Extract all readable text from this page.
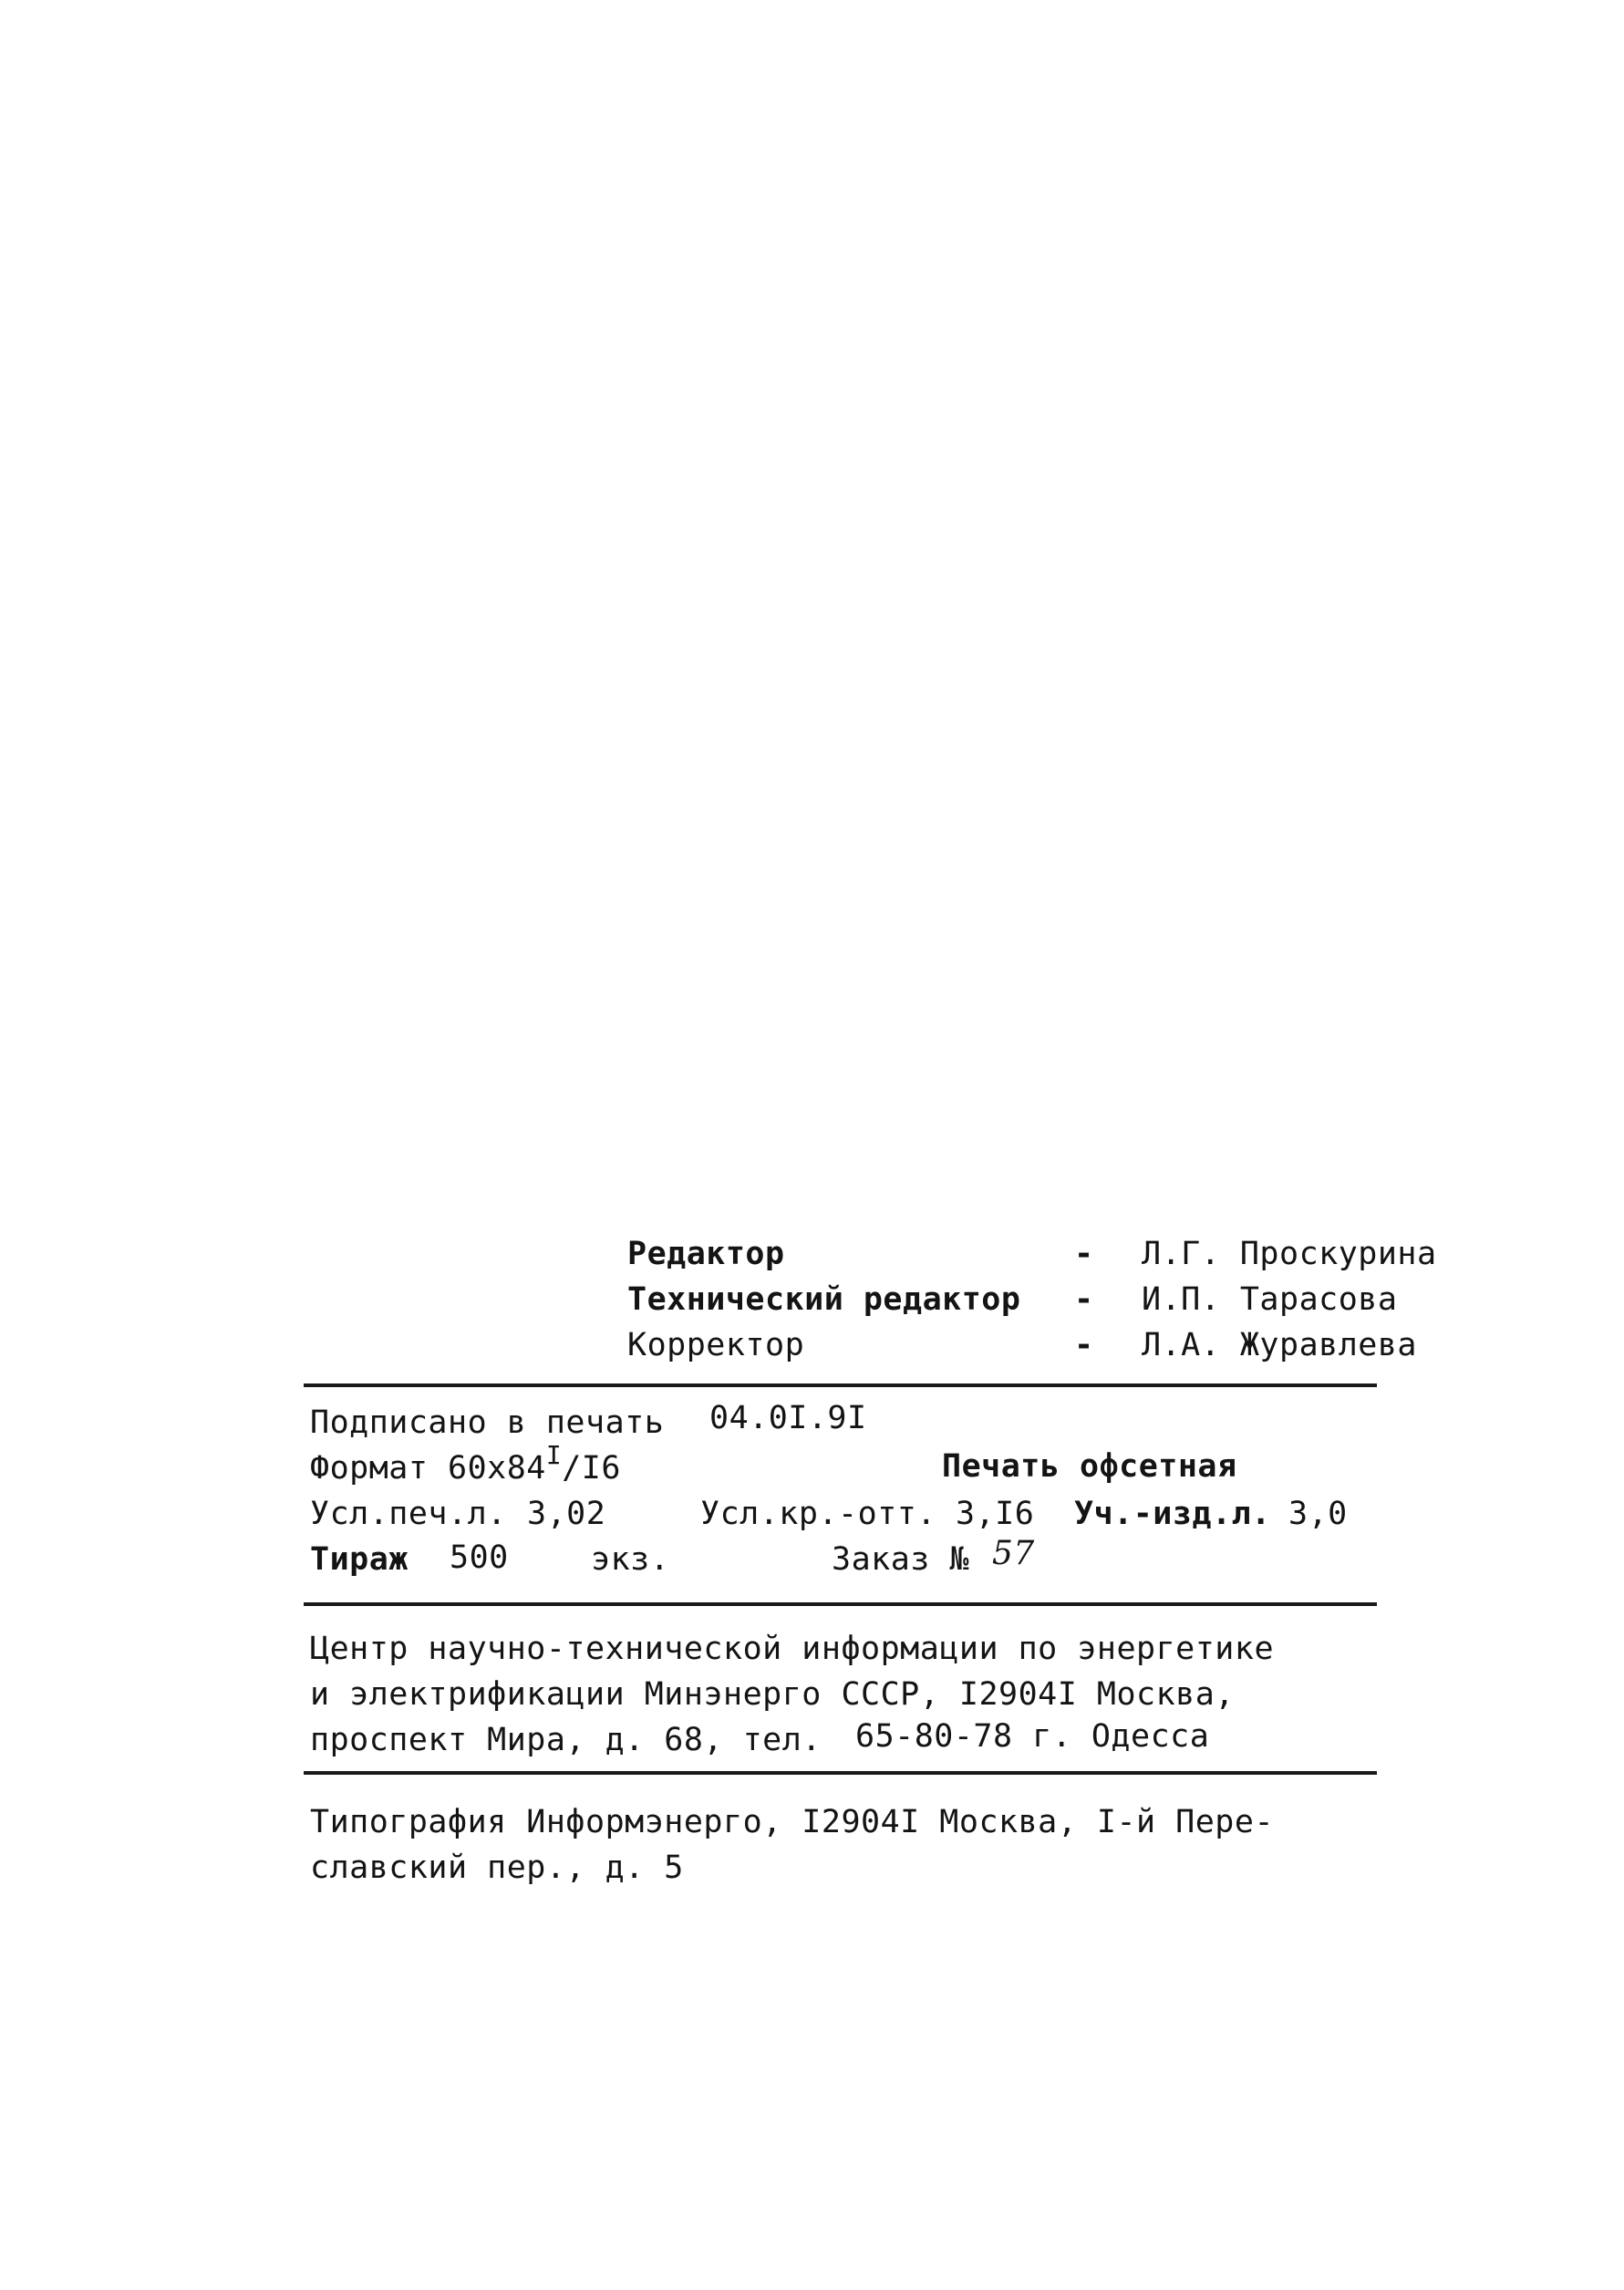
Редактор	- Л.Г. Проскурина
Технический редактор - И.П. Тарасова
Корректор	- Л.А. Журавлева
Подписано в печать 04.0I.9I
Формат $60х84^I/I6$	Печать офсетная
Усл.печ.л. 3,02	Усл.кр.-отт. 3,I6 Уч.-изд.л. 3,0
Тираж 500	экз.	Заказ № 57
Центр научно-технической информации по энергетике
и электрификации Минэнерго СССР, I2904I Москва,
проспект Мира, д. 68, тел. 65-80-78 г. Одесса
Типография Информэнерго, I2904I Москва, I-й Пере-
славский пер., д. 5
